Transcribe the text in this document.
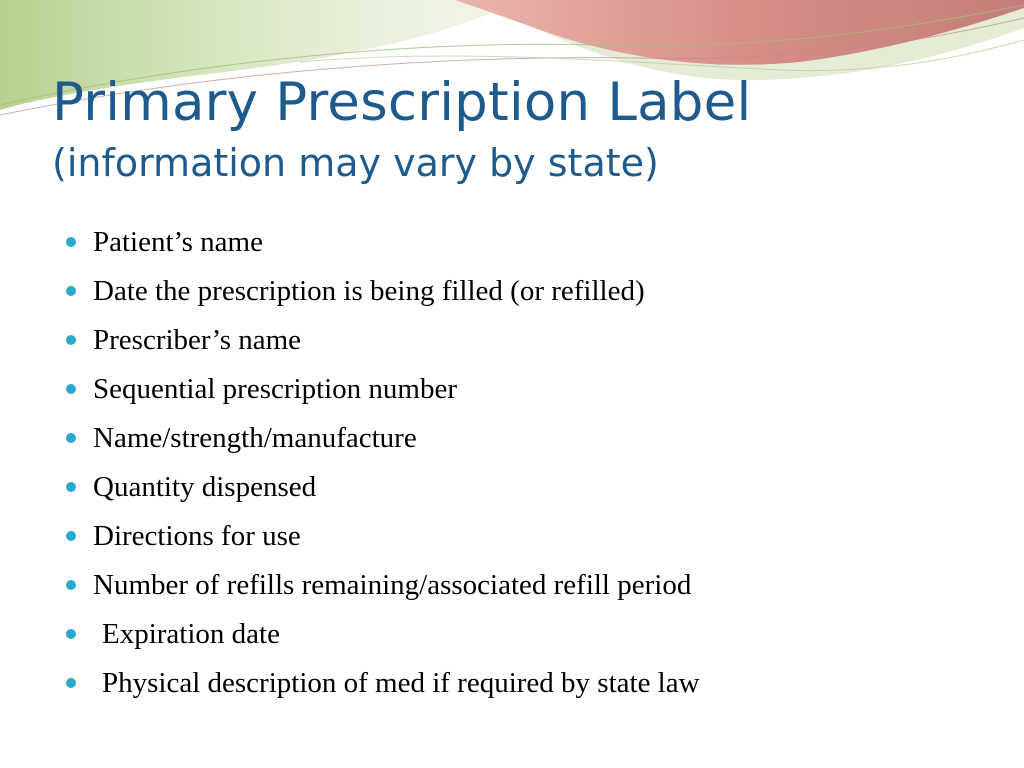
Primary Prescription Label
(information may vary by state)
Patient’s name
Date the prescription is being filled (or refilled)
Prescriber’s name
Sequential prescription number
Name/strength/manufacture
Quantity dispensed
Directions for use
Number of refills remaining/associated refill period
Expiration date
Physical description of med if required by state law
